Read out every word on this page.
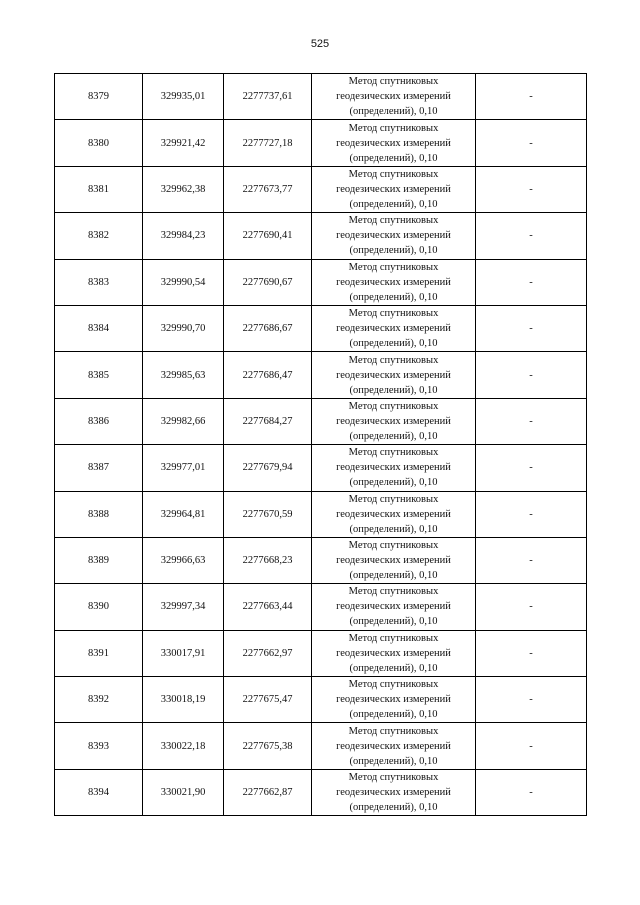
525
8379	329935,01	2277737,61	Метод спутниковых геодезических измерений (определений), 0,10	-
8380	329921,42	2277727,18	Метод спутниковых геодезических измерений (определений), 0,10	-
8381	329962,38	2277673,77	Метод спутниковых геодезических измерений (определений), 0,10	-
8382	329984,23	2277690,41	Метод спутниковых геодезических измерений (определений), 0,10	-
8383	329990,54	2277690,67	Метод спутниковых геодезических измерений (определений), 0,10	-
8384	329990,70	2277686,67	Метод спутниковых геодезических измерений (определений), 0,10	-
8385	329985,63	2277686,47	Метод спутниковых геодезических измерений (определений), 0,10	-
8386	329982,66	2277684,27	Метод спутниковых геодезических измерений (определений), 0,10	-
8387	329977,01	2277679,94	Метод спутниковых геодезических измерений (определений), 0,10	-
8388	329964,81	2277670,59	Метод спутниковых геодезических измерений (определений), 0,10	-
8389	329966,63	2277668,23	Метод спутниковых геодезических измерений (определений), 0,10	-
8390	329997,34	2277663,44	Метод спутниковых геодезических измерений (определений), 0,10	-
8391	330017,91	2277662,97	Метод спутниковых геодезических измерений (определений), 0,10	-
8392	330018,19	2277675,47	Метод спутниковых геодезических измерений (определений), 0,10	-
8393	330022,18	2277675,38	Метод спутниковых геодезических измерений (определений), 0,10	-
8394	330021,90	2277662,87	Метод спутниковых геодезических измерений (определений), 0,10	-
